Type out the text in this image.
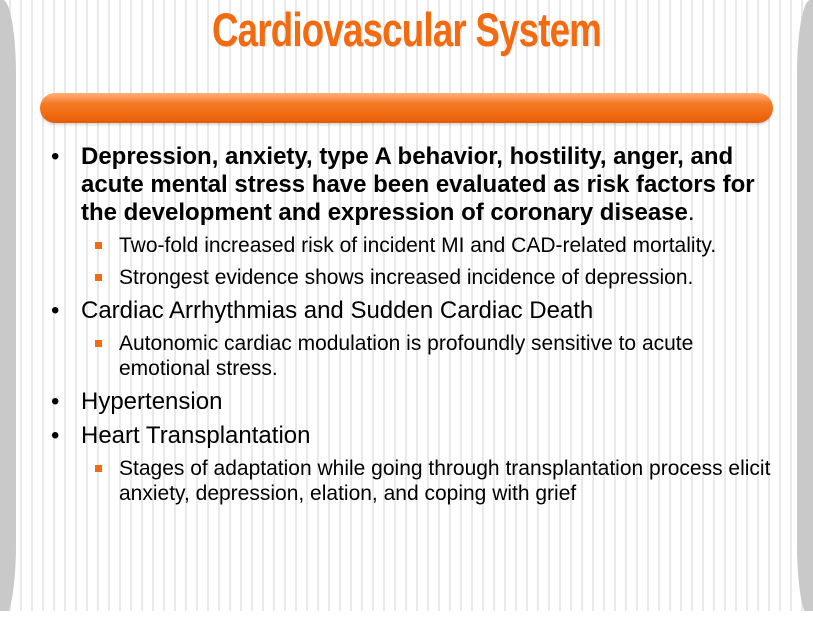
Cardiovascular System
• Depression, anxiety, type A behavior, hostility, anger, and acute mental stress have been evaluated as risk factors for the development and expression of coronary disease.
Two-fold increased risk of incident MI and CAD-related mortality.
Strongest evidence shows increased incidence of depression.
• Cardiac Arrhythmias and Sudden Cardiac Death
Autonomic cardiac modulation is profoundly sensitive to acute emotional stress.
• Hypertension
• Heart Transplantation
Stages of adaptation while going through transplantation process elicit anxiety, depression, elation, and coping with grief
